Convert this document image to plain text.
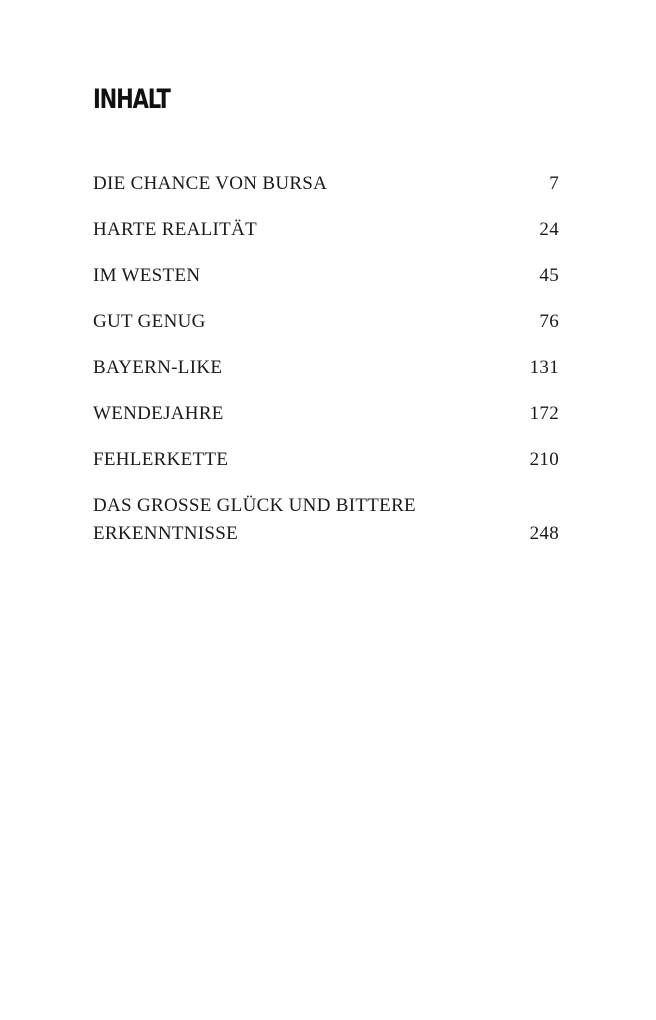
INHALT
DIE CHANCE VON BURSA	7
HARTE REALITÄT	24
IM WESTEN	45
GUT GENUG	76
BAYERN-LIKE	131
WENDEJAHRE	172
FEHLERKETTE	210
DAS GROSSE GLÜCK UND BITTERE ERKENNTNISSE	248
